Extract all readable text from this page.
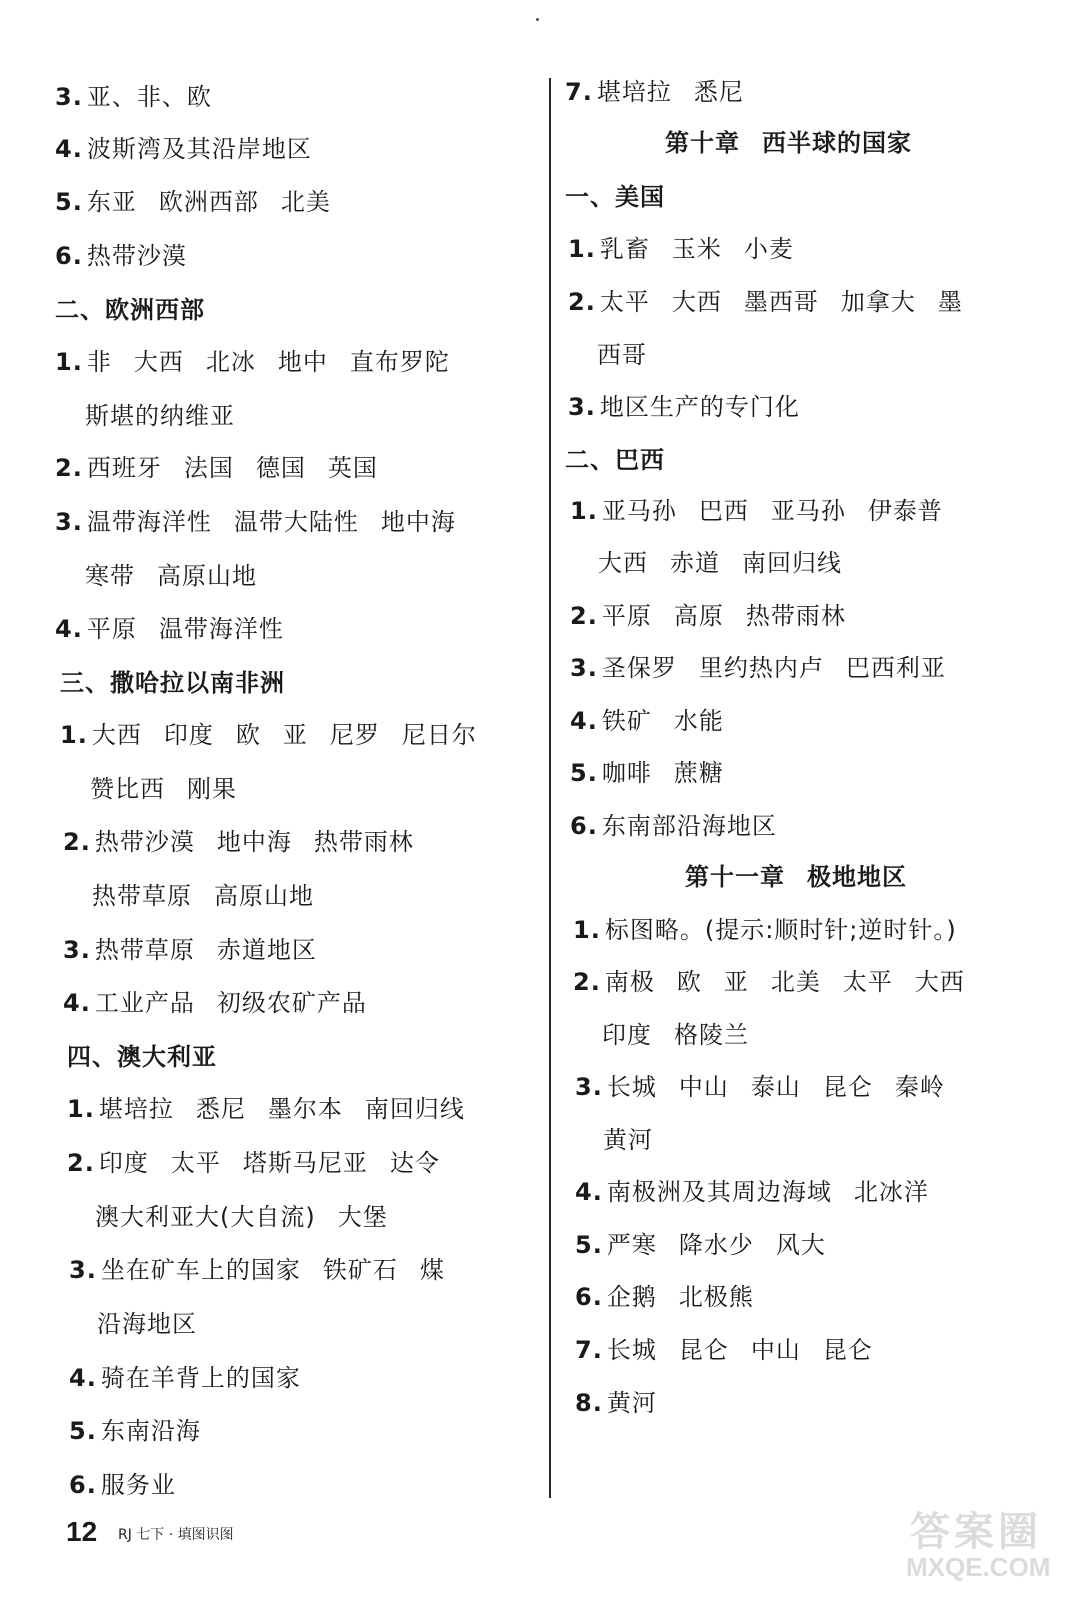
3. 亚、非、欧
4. 波斯湾及其沿岸地区
5. 东亚 欧洲西部 北美
6. 热带沙漠
二、欧洲西部
1. 非 大西 北冰 地中 直布罗陀
斯堪的纳维亚
2. 西班牙 法国 德国 英国
3. 温带海洋性 温带大陆性 地中海
寒带 高原山地
4. 平原 温带海洋性
三、撒哈拉以南非洲
1. 大西 印度 欧 亚 尼罗 尼日尔
赞比西 刚果
2. 热带沙漠 地中海 热带雨林
热带草原 高原山地
3. 热带草原 赤道地区
4. 工业产品 初级农矿产品
四、澳大利亚
1. 堪培拉 悉尼 墨尔本 南回归线
2. 印度 太平 塔斯马尼亚 达令
澳大利亚大(大自流) 大堡
3. 坐在矿车上的国家 铁矿石 煤
沿海地区
4. 骑在羊背上的国家
5. 东南沿海
6. 服务业
7. 堪培拉 悉尼
第十章 西半球的国家
一、美国
1. 乳畜 玉米 小麦
2. 太平 大西 墨西哥 加拿大 墨
西哥
3. 地区生产的专门化
二、巴西
1. 亚马孙 巴西 亚马孙 伊泰普
大西 赤道 南回归线
2. 平原 高原 热带雨林
3. 圣保罗 里约热内卢 巴西利亚
4. 铁矿 水能
5. 咖啡 蔗糖
6. 东南部沿海地区
第十一章 极地地区
1. 标图略。(提示:顺时针;逆时针。)
2. 南极 欧 亚 北美 太平 大西
印度 格陵兰
3. 长城 中山 泰山 昆仑 秦岭
黄河
4. 南极洲及其周边海域 北冰洋
5. 严寒 降水少 风大
6. 企鹅 北极熊
7. 长城 昆仑 中山 昆仑
8. 黄河
12 RJ 七下 · 填图识图	答案圈
MXQE.COM
